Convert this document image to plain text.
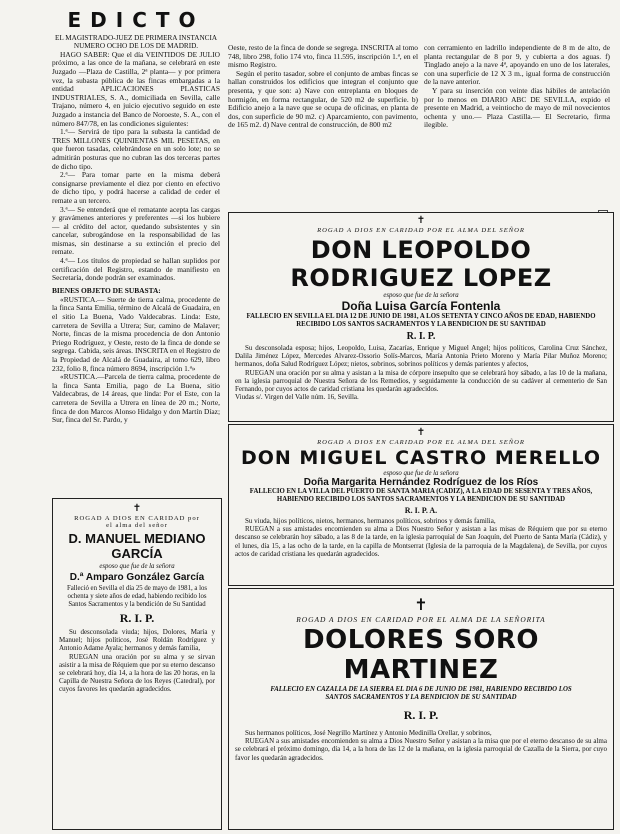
EDICTO

EL MAGISTRADO-JUEZ DE PRIMERA INSTANCIA NUMERO OCHO DE LOS DE MADRID.

HAGO SABER: Que el día VEINTIDOS DE JULIO próximo, a las once de la mañana, se celebrará en este Juzgado —Plaza de Castilla, 2ª planta— y por primera vez, la subasta pública de las fincas embargadas a la entidad APLICACIONES PLASTICAS INDUSTRIALES, S. A., domiciliada en Sevilla, calle Trajano, número 4, en juicio ejecutivo seguido en este Juzgado a instancia del Banco de Noroeste, S. A., con el número 847/78, en las condiciones siguientes:

1.ª— Servirá de tipo para la subasta la cantidad de TRES MILLONES QUINIENTAS MIL PESETAS, en que fueron tasadas, celebrándose en un solo lote; no se admitirán posturas que no cubran las dos terceras partes de dicho tipo.

2.ª— Para tomar parte en la misma deberá consignarse previamente el diez por ciento en efectivo de dicho tipo, y podrá hacerse a calidad de ceder el remate a un tercero.

3.ª— Se entenderá que el rematante acepta las cargas y gravámenes anteriores y preferentes —si los hubiere— al crédito del actor, quedando subsistentes y sin cancelar, subrogándose en la responsabilidad de las mismas, sin destinarse a su extinción el precio del remate.

4.ª— Los títulos de propiedad se hallan suplidos por certificación del Registro, estando de manifiesto en Secretaría, donde podrán ser examinados.

BIENES OBJETO DE SUBASTA:

«RUSTICA.— Suerte de tierra calma, procedente de la finca Santa Emilia, término de Alcalá de Guadaira, en el sitio La Buena, Vado Valdecabras. Linda: Este, carretera de Sevilla a Utrera; Sur, camino de Malaver; Norte, fincas de la misma procedencia de don Antonio Priego Rodríguez, y Oeste, resto de la finca de donde se segrega. Cabida, seis áreas. INSCRITA en el Registro de la Propiedad de Alcalá de Guadaira, al tomo 629, libro 232, folio 8, finca número 8694, inscripción 1.ª»

«RUSTICA.—Parcela de tierra calma, procedente de la finca Santa Emilia, pago de La Buena, sitio Valdecabras, de 14 áreas, que linda: Por el Este, con la carretera de Sevilla a Utrera en línea de 20 m.; Norte, finca de don Marcos Alonso Hidalgo y don Martín Díaz; Sur, finca del Sr. Pardo, y

Oeste, resto de la finca de donde se segrega. INSCRITA al tomo 748, libro 298, folio 174 vto, finca 11.595, inscripción 1.ª, en el mismo Registro.

Según el perito tasador, sobre el conjunto de ambas fincas se hallan construidos los edificios que integran el conjunto que presenta, y que son: a) Nave con entreplanta en bloques de hormigón, en forma rectangular, de 520 m2 de superficie. b) Edificio anejo a la nave que se ocupa de oficinas, en planta de dos, con superficie de 90 m2. c) Aparcamiento, con pavimento, de 165 m2. d) Nave central de construcción, de 800 m2

con cerramiento en ladrillo independiente de 8 m de alto, de planta rectangular de 8 por 9, y cubierta a dos aguas. f) Tinglado anejo a la nave 4ª, apoyando en uno de los laterales, con una superficie de 12 X 3 m., igual forma de construcción de la nave anterior.

Y para su inserción con veinte días hábiles de antelación por lo menos en DIARIO ABC DE SEVILLA, expido el presente en Madrid, a veintiocho de mayo de mil novecientos ochenta y uno.— Plaza Castilla.— El Secretario, firma ilegible.

✝
ROGAD A DIOS EN CARIDAD por el alma del señor
D. MANUEL MEDIANO GARCÍA
esposo que fue de la señora
D.ª Amparo González García
Falleció en Sevilla el día 25 de mayo de 1981, a los ochenta y siete años de edad, habiendo recibido los Santos Sacramentos y la bendición de Su Santidad
R. I. P.
Su desconsolada viuda; hijos, Dolores, María y Manuel; hijos políticos, José Roldán Rodríguez y Antonio Adame Ayala; hermanos y demás familia,
RUEGAN una oración por su alma y se sirvan asistir a la misa de Réquiem que por su eterno descanso se celebrará hoy, día 14, a la hora de las 20 horas, en la Capilla de Nuestra Señora de los Reyes (Catedral), por cuyos favores les quedarán agradecidos.
✝
ROGAD A DIOS EN CARIDAD POR EL ALMA DEL SEÑOR
DON LEOPOLDO RODRIGUEZ LOPEZ
esposo que fue de la señora
Doña Luisa García Fontenla
FALLECIO EN SEVILLA EL DIA 12 DE JUNIO DE 1981, A LOS SETENTA Y CINCO AÑOS DE EDAD, HABIENDO RECIBIDO LOS SANTOS SACRAMENTOS Y LA BENDICION DE SU SANTIDAD
R. I. P.
Su desconsolada esposa; hijos, Leopoldo, Luisa, Zacarías, Enrique y Miguel Angel; hijos políticos, Carolina Cruz Sánchez, Dalila Jiménez López, Mercedes Alvarez-Ossorio Solís-Marcos, María Antonia Prieto Moreno y María Pilar Muñoz Moreno; hermanos, doña Salud Rodríguez López; nietos, sobrinos, sobrinos políticos y demás parientes y afectos,
RUEGAN una oración por su alma y asistan a la misa de córpore insepulto que se celebrará hoy sábado, a las 10 de la mañana, en la iglesia parroquial de Nuestra Señora de los Remedios, y seguidamente la conducción de su cadáver al cementerio de San Fernando, por cuyos actos de caridad cristiana les quedarán agradecidos.
Viudas s/. Virgen del Valle núm. 16, Sevilla.
✝
ROGAD A DIOS EN CARIDAD POR EL ALMA DEL SEÑOR
DON MIGUEL CASTRO MERELLO
esposo que fue de la señora
Doña Margarita Hernández Rodríguez de los Ríos
FALLECIO EN LA VILLA DEL PUERTO DE SANTA MARIA (CADIZ), A LA EDAD DE SESENTA Y TRES AÑOS, HABIENDO RECIBIDO LOS SANTOS SACRAMENTOS Y LA BENDICION DE SU SANTIDAD
R. I. P. A.
Su viuda, hijos políticos, nietos, hermanos, hermanos políticos, sobrinos y demás familia,
RUEGAN a sus amistades encomienden su alma a Dios Nuestro Señor y asistan a las misas de Réquiem que por su eterno descanso se celebrarán hoy sábado, a las 8 de la tarde, en la iglesia parroquial de San Joaquín, del Puerto de Santa María (Cádiz), y el lunes, día 15, a las ocho de la tarde, en la capilla de Montserrat (Iglesia de la parroquia de la Magdalena), de Sevilla, por cuyos actos de caridad cristiana les quedarán agradecidos.
✝
ROGAD A DIOS EN CARIDAD POR EL ALMA DE LA SEÑORITA
DOLORES SORO MARTINEZ
FALLECIO EN CAZALLA DE LA SIERRA EL DIA 6 DE JUNIO DE 1981, HABIENDO RECIBIDO LOS SANTOS SACRAMENTOS Y LA BENDICION DE SU SANTIDAD
R. I. P.
Sus hermanos políticos, José Negrillo Martínez y Antonio Medinilla Orellar, y sobrinos,
RUEGAN a sus amistades encomienden su alma a Dios Nuestro Señor y asistan a la misa que por el eterno descanso de su alma se celebrará el próximo domingo, día 14, a la hora de las 12 de la mañana, en la iglesia parroquial de Cazalla de la Sierra, por cuyo favor les quedarán agradecidos.
